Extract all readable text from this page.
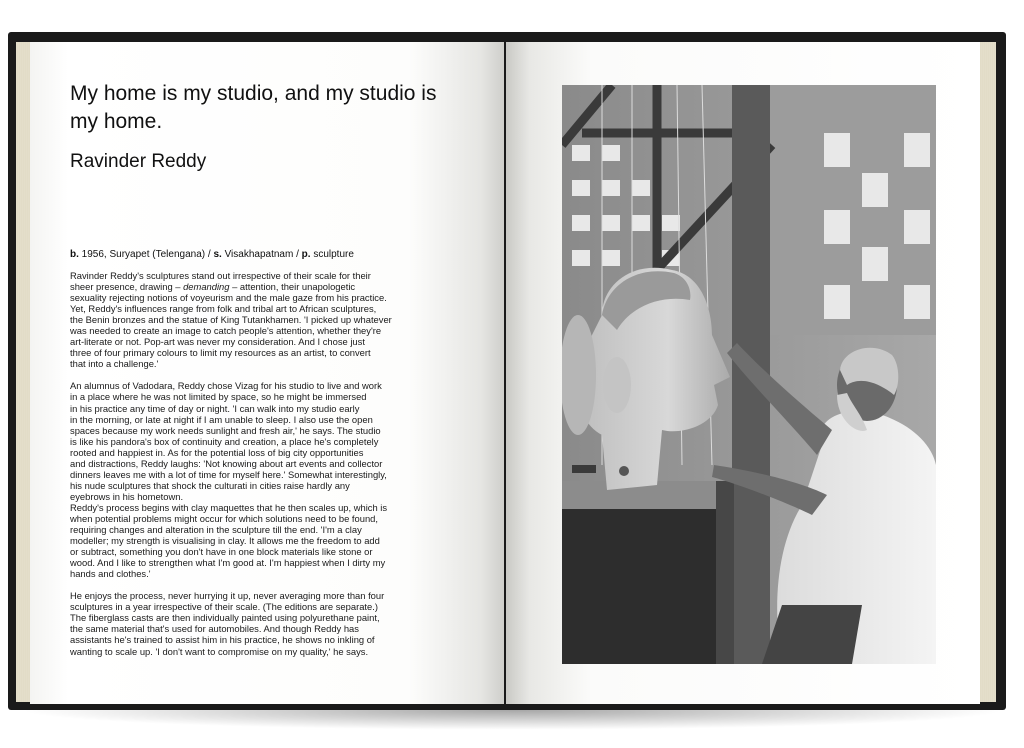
My home is my studio, and my studio is my home.
Ravinder Reddy
b. 1956, Suryapet (Telengana) / s. Visakhapatnam / p. sculpture

Ravinder Reddy's sculptures stand out irrespective of their scale for their
sheer presence, drawing – demanding – attention, their unapologetic
sexuality rejecting notions of voyeurism and the male gaze from his practice.
Yet, Reddy's influences range from folk and tribal art to African sculptures,
the Benin bronzes and the statue of King Tutankhamen. 'I picked up whatever
was needed to create an image to catch people's attention, whether they're
art-literate or not. Pop-art was never my consideration. And I chose just
three of four primary colours to limit my resources as an artist, to convert
that into a challenge.'

An alumnus of Vadodara, Reddy chose Vizag for his studio to live and work
in a place where he was not limited by space, so he might be immersed
in his practice any time of day or night. 'I can walk into my studio early
in the morning, or late at night if I am unable to sleep. I also use the open
spaces because my work needs sunlight and fresh air,' he says. The studio
is like his pandora's box of continuity and creation, a place he's completely
rooted and happiest in. As for the potential loss of big city opportunities
and distractions, Reddy laughs: 'Not knowing about art events and collector
dinners leaves me with a lot of time for myself here.' Somewhat interestingly,
his nude sculptures that shock the culturati in cities raise hardly any
eyebrows in his hometown.

Reddy's process begins with clay maquettes that he then scales up, which is
when potential problems might occur for which solutions need to be found,
requiring changes and alteration in the sculpture till the end. 'I'm a clay
modeller; my strength is visualising in clay. It allows me the freedom to add
or subtract, something you don't have in one block materials like stone or
wood. And I like to strengthen what I'm good at. I'm happiest when I dirty my
hands and clothes.'

He enjoys the process, never hurrying it up, never averaging more than four
sculptures in a year irrespective of their scale. (The editions are separate.)
The fiberglass casts are then individually painted using polyurethane paint,
the same material that's used for automobiles. And though Reddy has
assistants he's trained to assist him in his practice, he shows no inkling of
wanting to scale up. 'I don't want to compromise on my quality,' he says.
